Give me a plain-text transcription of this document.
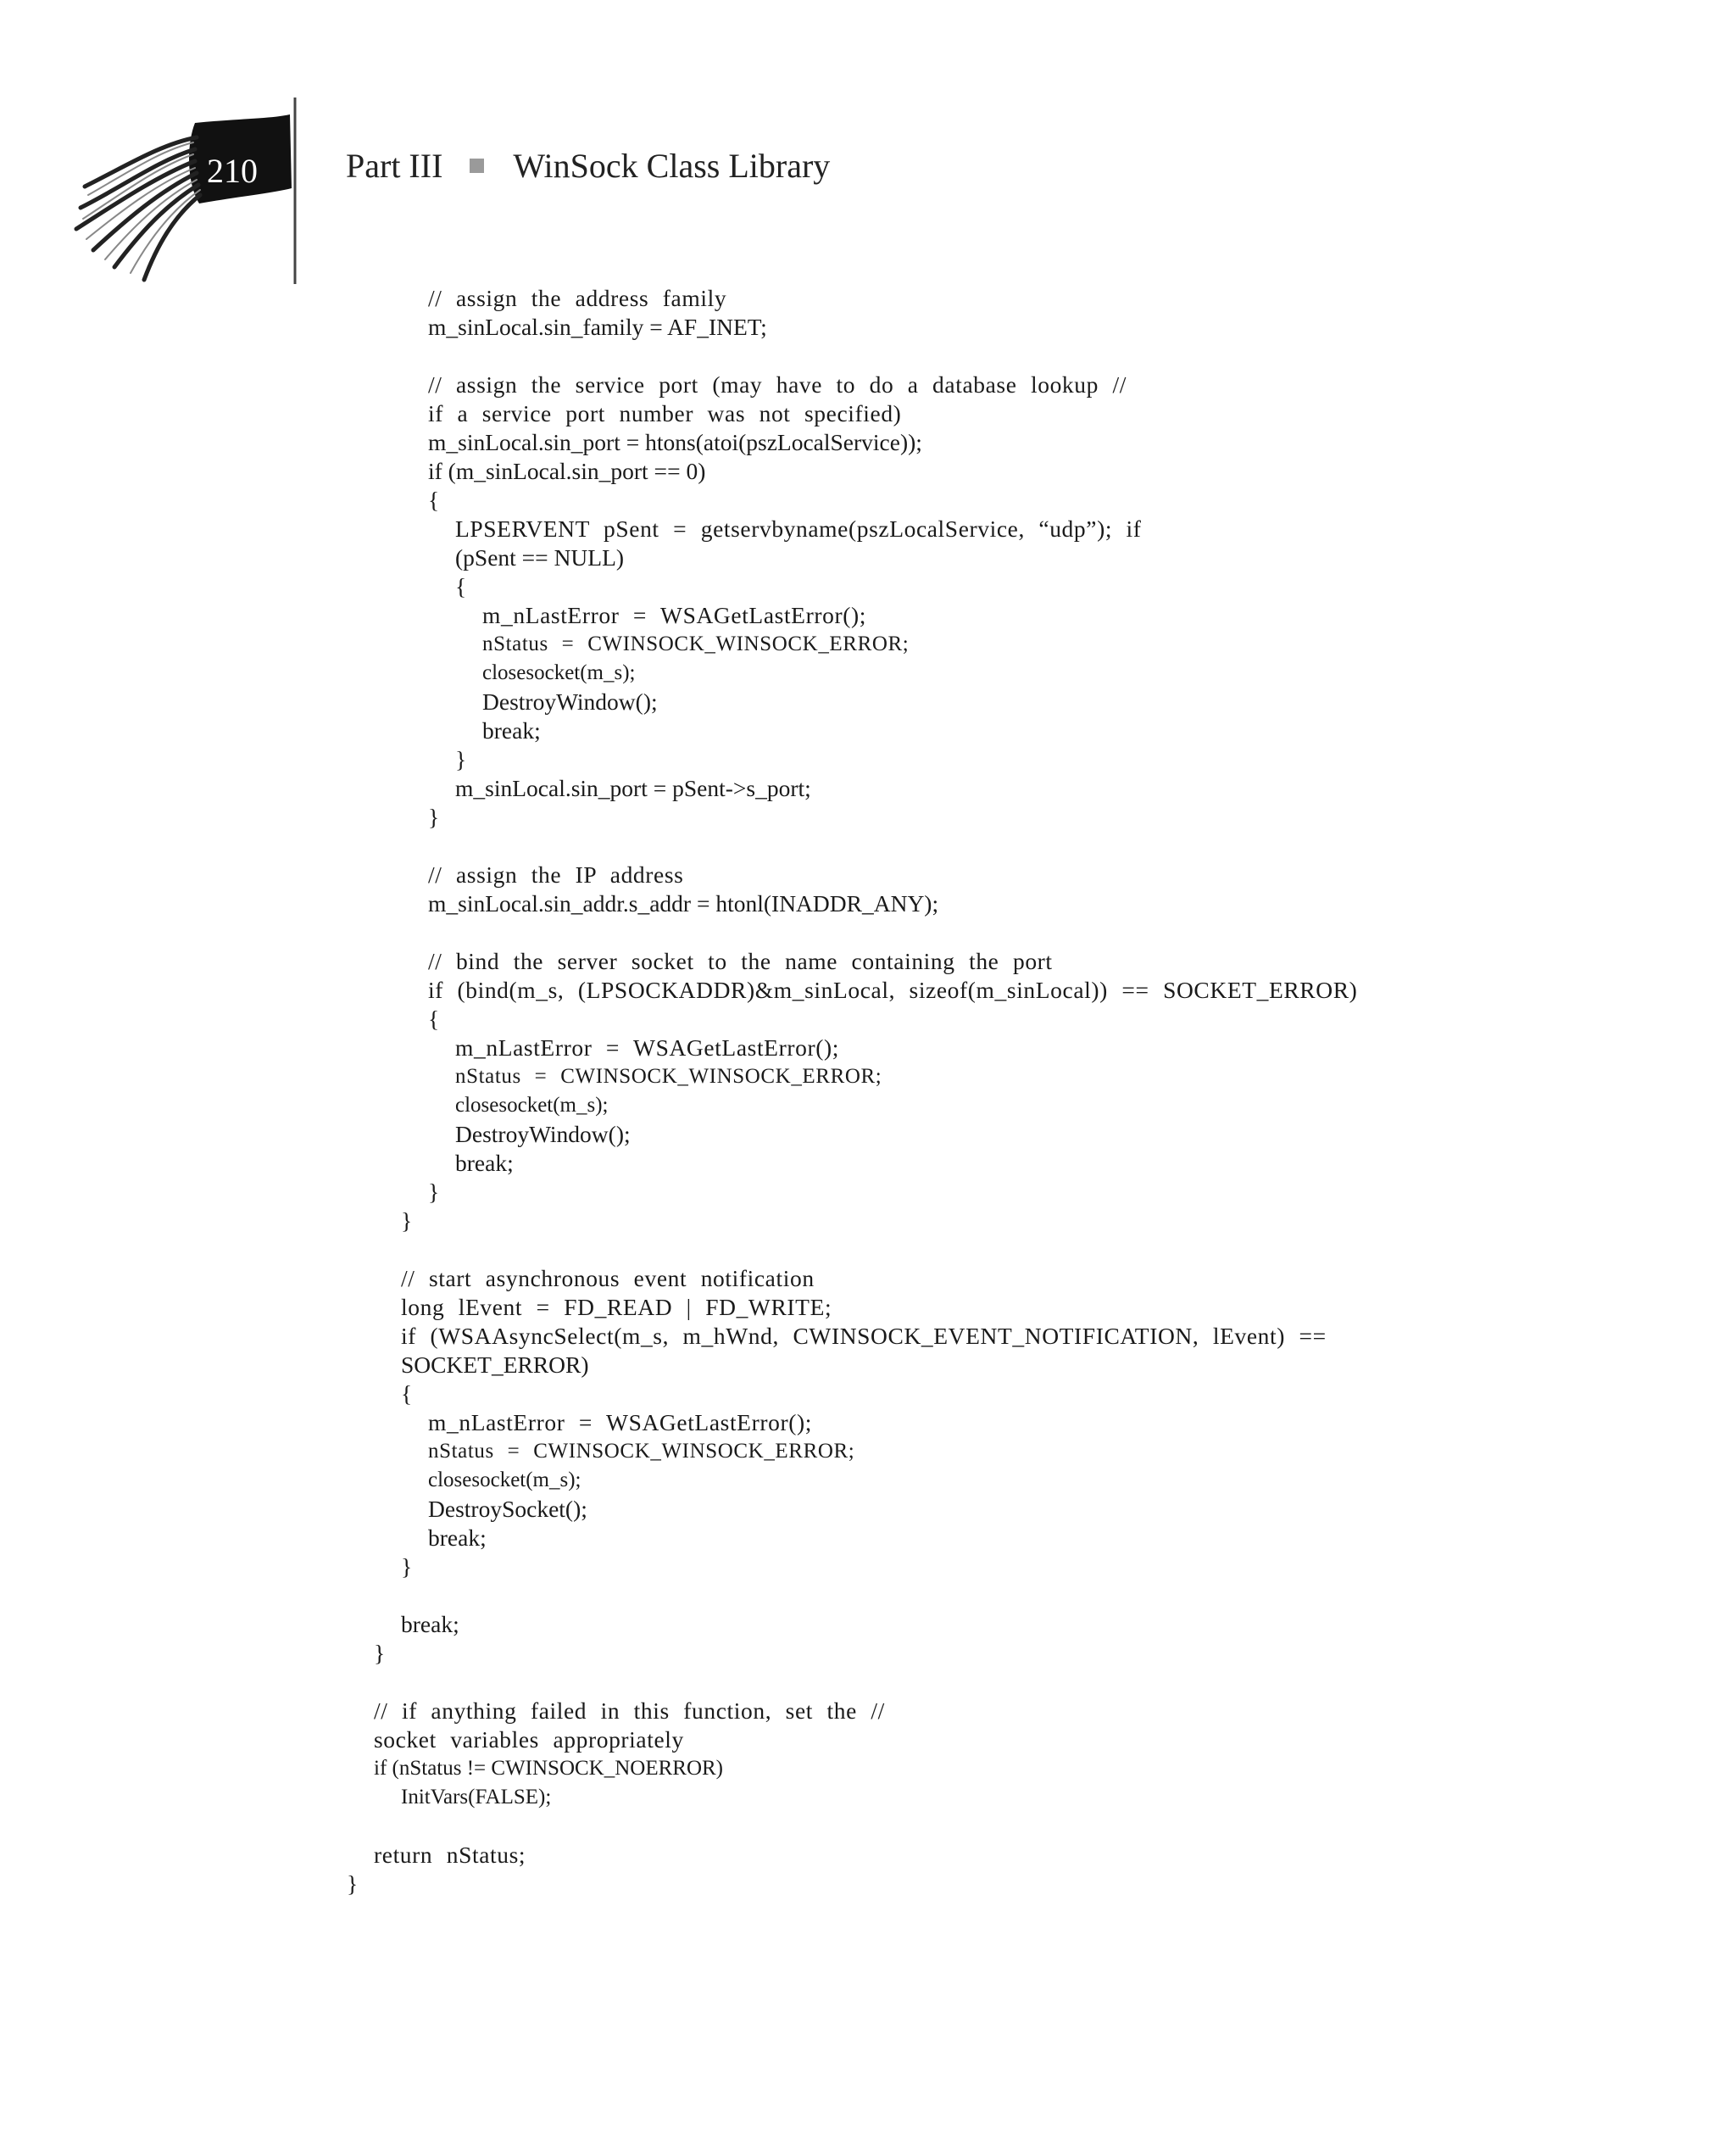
210	Part III WinSock Class Library
// assign the address family
m_sinLocal.sin_family = AF_INET;
// assign the service port (may have to do a database lookup //
if a service port number was not specified)
m_sinLocal.sin_port = htons(atoi(pszLocalService));
if (m_sinLocal.sin_port == 0)
{
LPSERVENT pSent = getservbyname(pszLocalService, “udp”); if
(pSent == NULL)
{
m_nLastError = WSAGetLastError();
nStatus = CWINSOCK_WINSOCK_ERROR;
closesocket(m_s);
DestroyWindow();
break;
}
m_sinLocal.sin_port = pSent->s_port;
}
// assign the IP address
m_sinLocal.sin_addr.s_addr = htonl(INADDR_ANY);
// bind the server socket to the name containing the port
if (bind(m_s, (LPSOCKADDR)&m_sinLocal, sizeof(m_sinLocal)) == SOCKET_ERROR)
{
m_nLastError = WSAGetLastError();
nStatus = CWINSOCK_WINSOCK_ERROR;
closesocket(m_s);
DestroyWindow();
break;
}
}
// start asynchronous event notification
long lEvent = FD_READ | FD_WRITE;
if (WSAAsyncSelect(m_s, m_hWnd, CWINSOCK_EVENT_NOTIFICATION, lEvent) ==
SOCKET_ERROR)
{
m_nLastError = WSAGetLastError();
nStatus = CWINSOCK_WINSOCK_ERROR;
closesocket(m_s);
DestroySocket();
break;
}
break;
}
// if anything failed in this function, set the //
socket variables appropriately
if (nStatus != CWINSOCK_NOERROR)
InitVars(FALSE);
return nStatus;
}
